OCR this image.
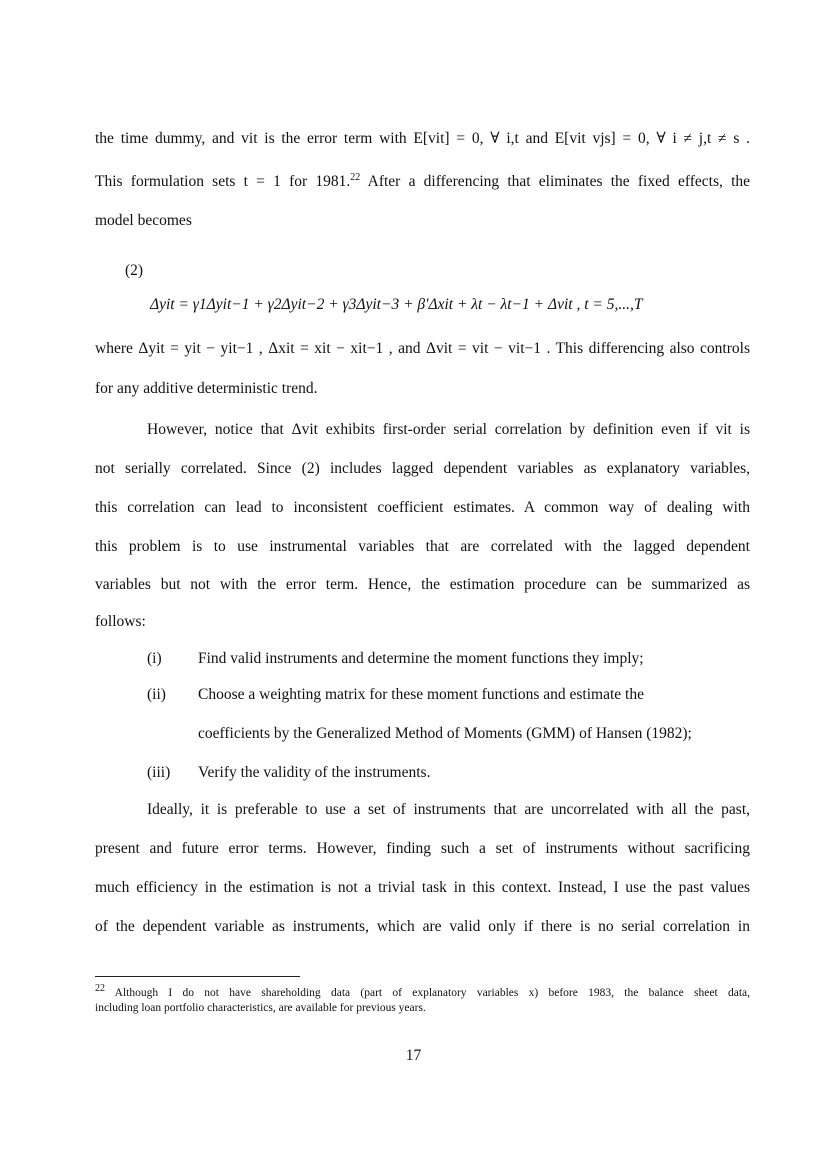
the time dummy, and vit is the error term with E[vit] = 0, ∀ i,t and E[vit vjs] = 0, ∀ i ≠ j,t ≠ s .
This formulation sets t = 1 for 1981.22 After a differencing that eliminates the fixed effects, the
model becomes
(2)
Δyit = γ1Δyit−1 + γ2Δyit−2 + γ3Δyit−3 + β′Δxit + λt − λt−1 + Δvit , t = 5,...,T
where Δyit = yit − yit−1 , Δxit = xit − xit−1 , and Δvit = vit − vit−1 . This differencing also controls
for any additive deterministic trend.
However, notice that Δvit exhibits first-order serial correlation by definition even if vit is
not serially correlated. Since (2) includes lagged dependent variables as explanatory variables,
this correlation can lead to inconsistent coefficient estimates. A common way of dealing with
this problem is to use instrumental variables that are correlated with the lagged dependent
variables but not with the error term. Hence, the estimation procedure can be summarized as
follows:
(i) Find valid instruments and determine the moment functions they imply;
(ii) Choose a weighting matrix for these moment functions and estimate the
coefficients by the Generalized Method of Moments (GMM) of Hansen (1982);
(iii) Verify the validity of the instruments.
Ideally, it is preferable to use a set of instruments that are uncorrelated with all the past,
present and future error terms. However, finding such a set of instruments without sacrificing
much efficiency in the estimation is not a trivial task in this context. Instead, I use the past values
of the dependent variable as instruments, which are valid only if there is no serial correlation in
$^{22}$ Although I do not have shareholding data (part of explanatory variables x) before 1983, the balance sheet data,
including loan portfolio characteristics, are available for previous years.
17
